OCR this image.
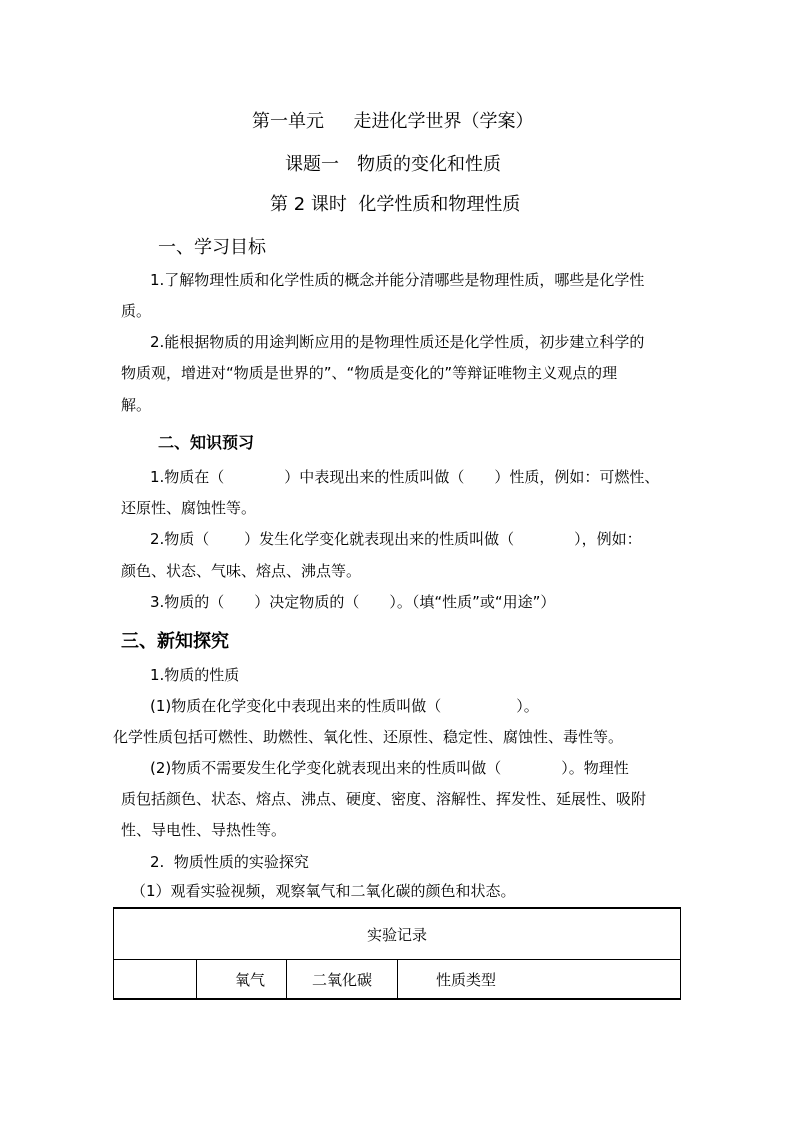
第一单元　  走进化学世界（学案）
课题一　物质的变化和性质
第 2 课时  化学性质和物理性质
一、学习目标
1.了解物理性质和化学性质的概念并能分清哪些是物理性质，哪些是化学性
质。
2.能根据物质的用途判断应用的是物理性质还是化学性质，初步建立科学的
物质观，增进对“物质是世界的”、“物质是变化的”等辩证唯物主义观点的理
解。
二、知识预习
1.物质在（　　　　）中表现出来的性质叫做（　　）性质，例如：可燃性、
还原性、腐蚀性等。
2.物质（　　 ）发生化学变化就表现出来的性质叫做（　　　　），例如：
颜色、状态、气味、熔点、沸点等。
3.物质的（　　）决定物质的（　　）。（填“性质”或“用途”）
三、新知探究
1.物质的性质
(1)物质在化学变化中表现出来的性质叫做（　　　　　）。
化学性质包括可燃性、助燃性、氧化性、还原性、稳定性、腐蚀性、毒性等。
(2)物质不需要发生化学变化就表现出来的性质叫做（　　　　）。物理性
质包括颜色、状态、熔点、沸点、硬度、密度、溶解性、挥发性、延展性、吸附
性、导电性、导热性等。
2.  物质性质的实验探究
（1）观看实验视频，观察氧气和二氧化碳的颜色和状态。
实验记录
	氧气	二氧化碳	性质类型
